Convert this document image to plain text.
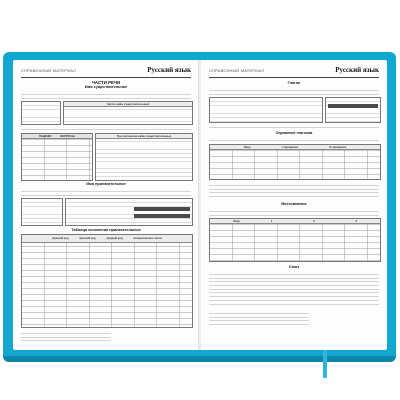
СПРАВОЧНЫЙ МАТЕРИАЛ	Русский язык
ЧАСТИ РЕЧИ
Имя существительное
Число имён существительных
ПАДЕЖИ	ВОПРОСЫ	Три склонения имён существительных
Имя прилагательное
Таблица склонения прилагательных
мужской род	женский род	средний род	множественное число
СПРАВОЧНЫЙ МАТЕРИАЛ	Русский язык
Глагол
Спряжение глаголов
Лицо	I спряжение	II спряжение
Местоимение
Лицо	1	2	3
Союз
